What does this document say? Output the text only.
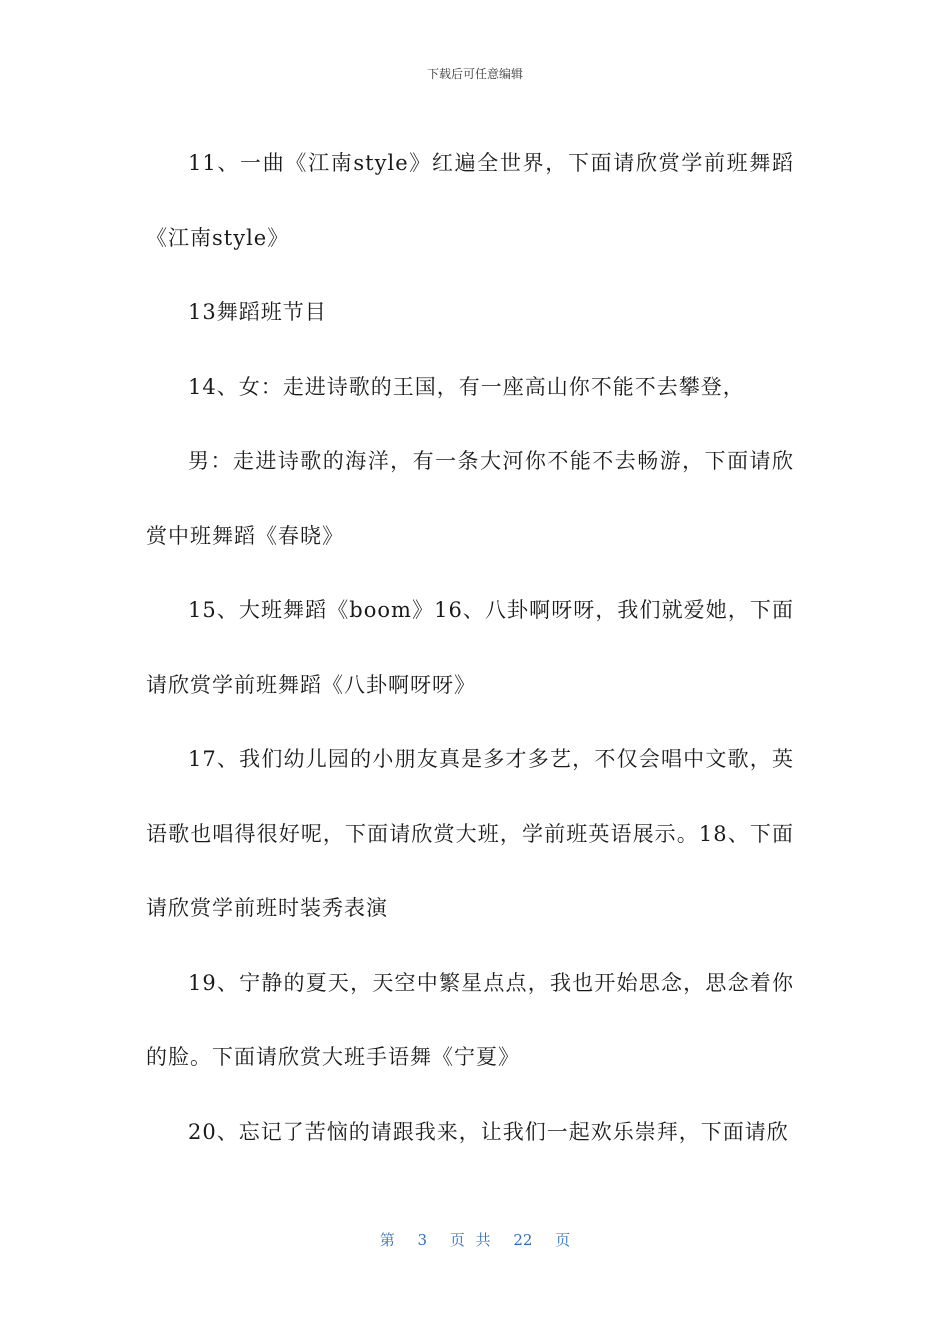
下载后可任意编辑

11、一曲《江南style》红遍全世界，下面请欣赏学前班舞蹈《江南style》

13舞蹈班节目

14、女：走进诗歌的王国，有一座高山你不能不去攀登，

男：走进诗歌的海洋，有一条大河你不能不去畅游，下面请欣赏中班舞蹈《春晓》

15、大班舞蹈《boom》16、八卦啊呀呀，我们就爱她，下面请欣赏学前班舞蹈《八卦啊呀呀》

17、我们幼儿园的小朋友真是多才多艺，不仅会唱中文歌，英语歌也唱得很好呢，下面请欣赏大班，学前班英语展示。18、下面请欣赏学前班时装秀表演

19、宁静的夏天，天空中繁星点点，我也开始思念，思念着你的脸。下面请欣赏大班手语舞《宁夏》

20、忘记了苦恼的请跟我来，让我们一起欢乐崇拜，下面请欣

第 3 页 共 22 页
